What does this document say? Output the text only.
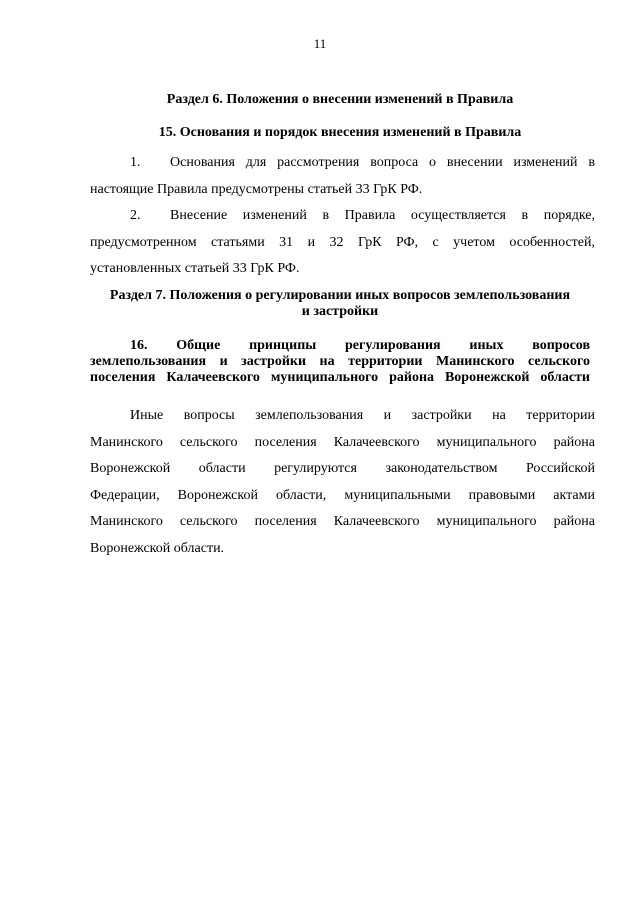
11
Раздел 6. Положения о внесении изменений в Правила
15. Основания и порядок внесения изменений в Правила
1. Основания для рассмотрения вопроса о внесении изменений в
настоящие Правила предусмотрены статьей 33 ГрК РФ.
2. Внесение изменений в Правила осуществляется в порядке,
предусмотренном статьями 31 и 32 ГрК РФ, с учетом особенностей,
установленных статьей 33 ГрК РФ.
Раздел 7. Положения о регулировании иных вопросов землепользования
и застройки
16. Общие принципы регулирования иных вопросов
землепользования и застройки на территории Манинского сельского
поселения Калачеевского муниципального района Воронежской области
Иные вопросы землепользования и застройки на территории
Манинского сельского поселения Калачеевского муниципального района
Воронежской области регулируются законодательством Российской
Федерации, Воронежской области, муниципальными правовыми актами
Манинского сельского поселения Калачеевского муниципального района
Воронежской области.
